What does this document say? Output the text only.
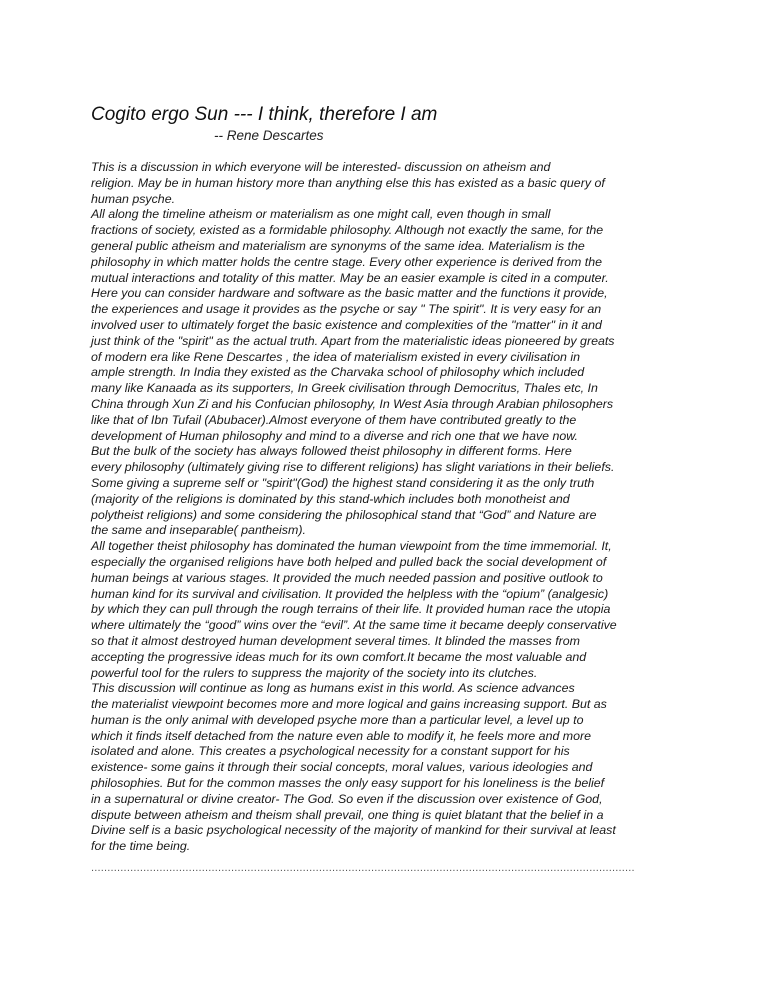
Cogito ergo Sun --- I think, therefore I am
-- Rene Descartes

This is a discussion in which everyone will be interested- discussion on atheism and
religion. May be in human history more than anything else this has existed as a basic query of
human psyche.

All along the timeline atheism or materialism as one might call, even though in small
fractions of society, existed as a formidable philosophy. Although not exactly the same, for the
general public atheism and materialism are synonyms of the same idea. Materialism is the
philosophy in which matter holds the centre stage. Every other experience is derived from the
mutual interactions and totality of this matter. May be an easier example is cited in a computer.
Here you can consider hardware and software as the basic matter and the functions it provide,
the experiences and usage it provides as the psyche or say " The spirit". It is very easy for an
involved user to ultimately forget the basic existence and complexities of the "matter" in it and
just think of the "spirit" as the actual truth. Apart from the materialistic ideas pioneered by greats
of modern era like Rene Descartes , the idea of materialism existed in every civilisation in
ample strength. In India they existed as the Charvaka school of philosophy which included
many like Kanaada as its supporters, In Greek civilisation through Democritus, Thales etc, In
China through Xun Zi and his Confucian philosophy, In West Asia through Arabian philosophers
like that of Ibn Tufail (Abubacer).Almost everyone of them have contributed greatly to the
development of Human philosophy and mind to a diverse and rich one that we have now.

But the bulk of the society has always followed theist philosophy in different forms. Here
every philosophy (ultimately giving rise to different religions) has slight variations in their beliefs.
Some giving a supreme self or "spirit"(God) the highest stand considering it as the only truth
(majority of the religions is dominated by this stand-which includes both monotheist and
polytheist religions) and some considering the philosophical stand that “God” and Nature are
the same and inseparable( pantheism).

All together theist philosophy has dominated the human viewpoint from the time immemorial. It,
especially the organised religions have both helped and pulled back the social development of
human beings at various stages. It provided the much needed passion and positive outlook to
human kind for its survival and civilisation. It provided the helpless with the “opium” (analgesic)
by which they can pull through the rough terrains of their life. It provided human race the utopia
where ultimately the “good” wins over the “evil”. At the same time it became deeply conservative
so that it almost destroyed human development several times. It blinded the masses from
accepting the progressive ideas much for its own comfort.It became the most valuable and
powerful tool for the rulers to suppress the majority of the society into its clutches.

This discussion will continue as long as humans exist in this world. As science advances
the materialist viewpoint becomes more and more logical and gains increasing support. But as
human is the only animal with developed psyche more than a particular level, a level up to
which it finds itself detached from the nature even able to modify it, he feels more and more
isolated and alone. This creates a psychological necessity for a constant support for his
existence- some gains it through their social concepts, moral values, various ideologies and
philosophies. But for the common masses the only easy support for his loneliness is the belief
in a supernatural or divine creator- The God. So even if the discussion over existence of God,
dispute between atheism and theism shall prevail, one thing is quiet blatant that the belief in a
Divine self is a basic psychological necessity of the majority of mankind for their survival at least
for the time being.

.......................................................................................................................................................................
